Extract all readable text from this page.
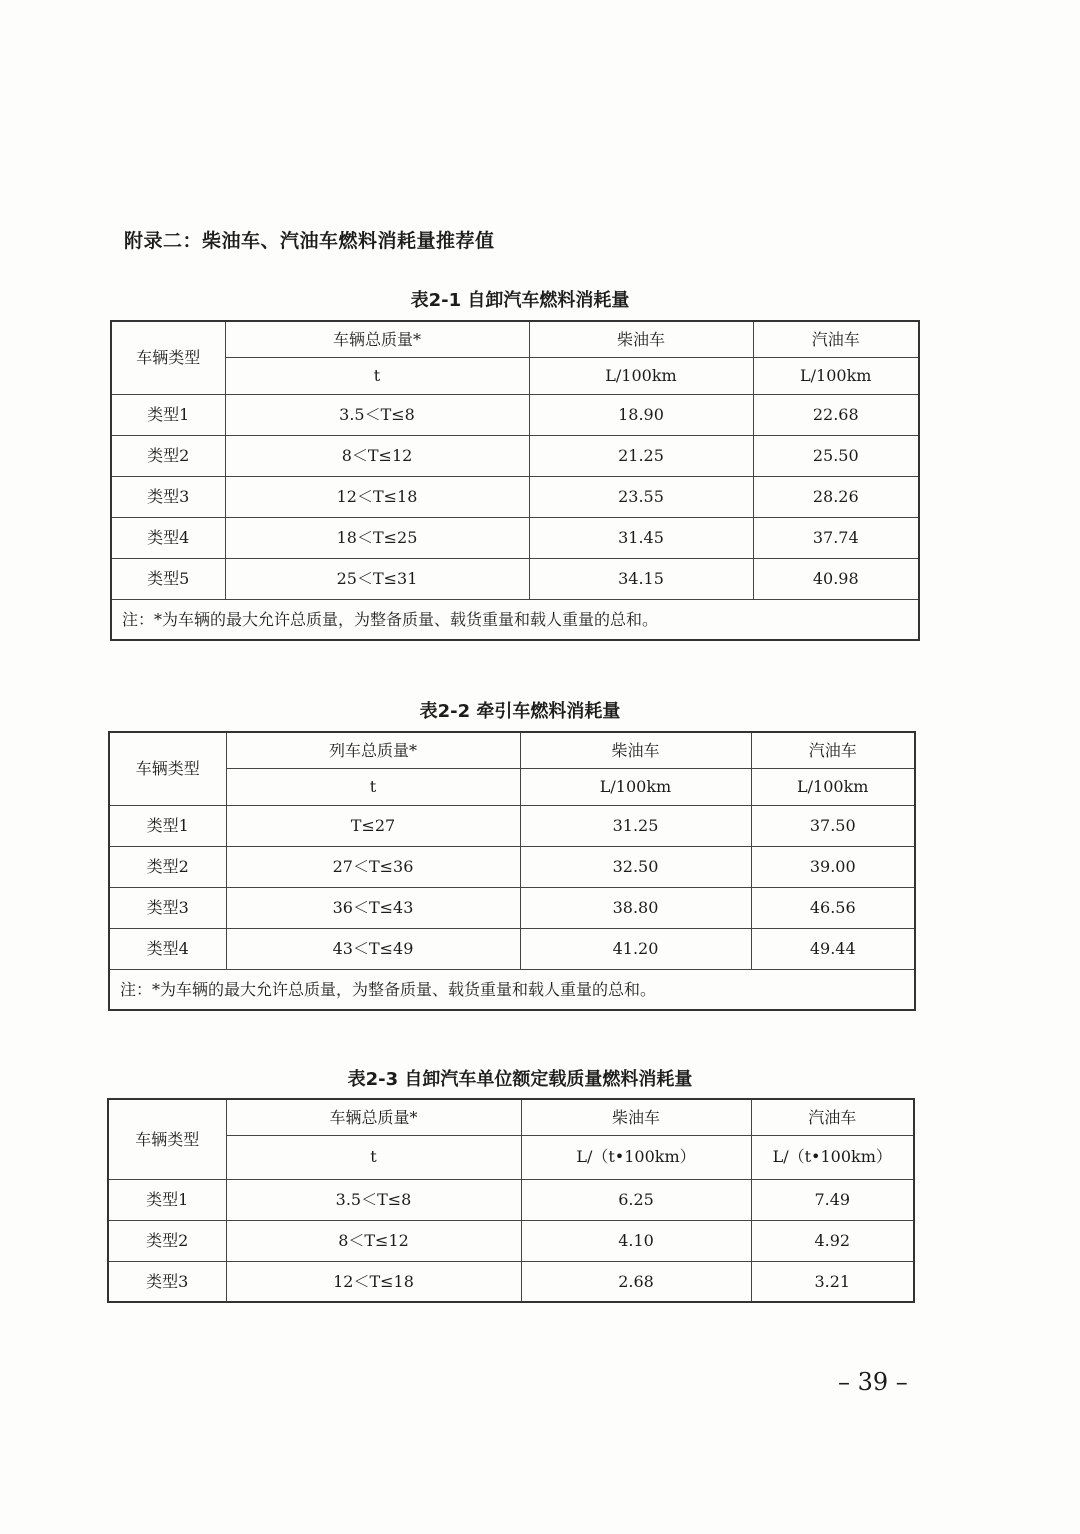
附录二：柴油车、汽油车燃料消耗量推荐值
表2-1 自卸汽车燃料消耗量
车辆类型	车辆总质量*	柴油车	汽油车
	t	L/100km	L/100km
类型1	3.5＜T≤8	18.90	22.68
类型2	8＜T≤12	21.25	25.50
类型3	12＜T≤18	23.55	28.26
类型4	18＜T≤25	31.45	37.74
类型5	25＜T≤31	34.15	40.98
注：*为车辆的最大允许总质量，为整备质量、载货重量和载人重量的总和。			
表2-2 牵引车燃料消耗量
车辆类型	列车总质量*	柴油车	汽油车
	t	L/100km	L/100km
类型1	T≤27	31.25	37.50
类型2	27＜T≤36	32.50	39.00
类型3	36＜T≤43	38.80	46.56
类型4	43＜T≤49	41.20	49.44
注：*为车辆的最大允许总质量，为整备质量、载货重量和载人重量的总和。			
表2-3 自卸汽车单位额定载质量燃料消耗量
车辆类型	车辆总质量*	柴油车	汽油车
	t	L/（t•100km）	L/（t•100km）
类型1	3.5＜T≤8	6.25	7.49
类型2	8＜T≤12	4.10	4.92
类型3	12＜T≤18	2.68	3.21
– 39 –
